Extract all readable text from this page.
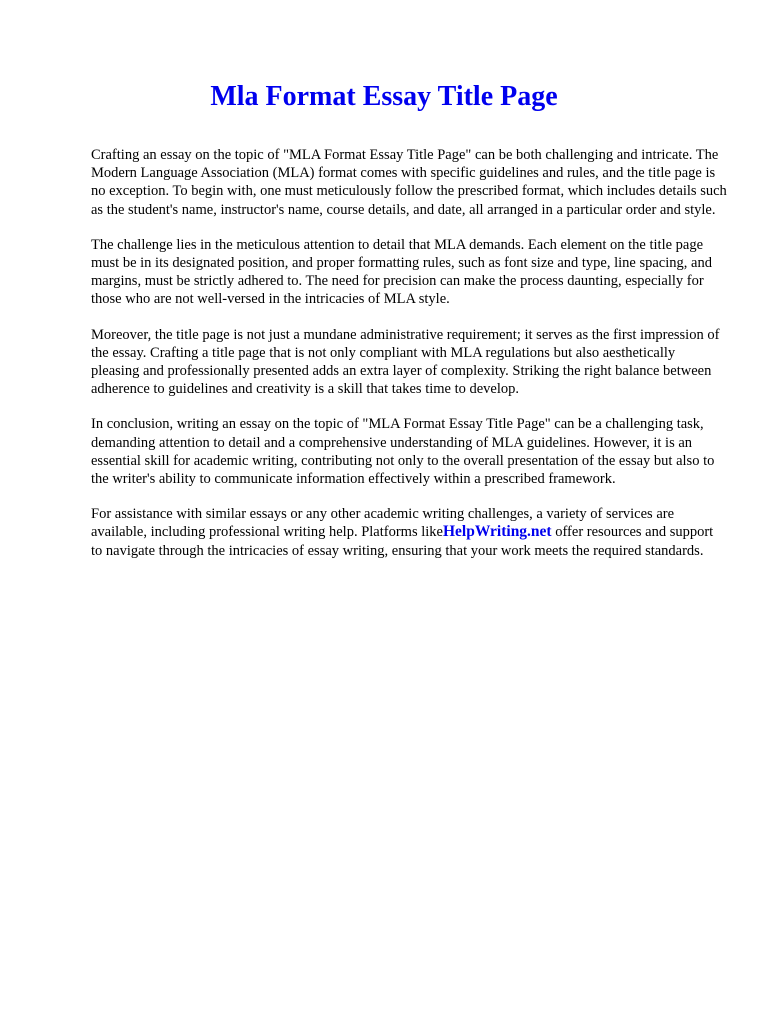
Mla Format Essay Title Page

Crafting an essay on the topic of "MLA Format Essay Title Page" can be both challenging and intricate. The Modern Language Association (MLA) format comes with specific guidelines and rules, and the title page is no exception. To begin with, one must meticulously follow the prescribed format, which includes details such as the student's name, instructor's name, course details, and date, all arranged in a particular order and style.

The challenge lies in the meticulous attention to detail that MLA demands. Each element on the title page must be in its designated position, and proper formatting rules, such as font size and type, line spacing, and margins, must be strictly adhered to. The need for precision can make the process daunting, especially for those who are not well-versed in the intricacies of MLA style.

Moreover, the title page is not just a mundane administrative requirement; it serves as the first impression of the essay. Crafting a title page that is not only compliant with MLA regulations but also aesthetically pleasing and professionally presented adds an extra layer of complexity. Striking the right balance between adherence to guidelines and creativity is a skill that takes time to develop.

In conclusion, writing an essay on the topic of "MLA Format Essay Title Page" can be a challenging task, demanding attention to detail and a comprehensive understanding of MLA guidelines. However, it is an essential skill for academic writing, contributing not only to the overall presentation of the essay but also to the writer's ability to communicate information effectively within a prescribed framework.

For assistance with similar essays or any other academic writing challenges, a variety of services are available, including professional writing help. Platforms likeHelpWriting.net offer resources and support to navigate through the intricacies of essay writing, ensuring that your work meets the required standards.
